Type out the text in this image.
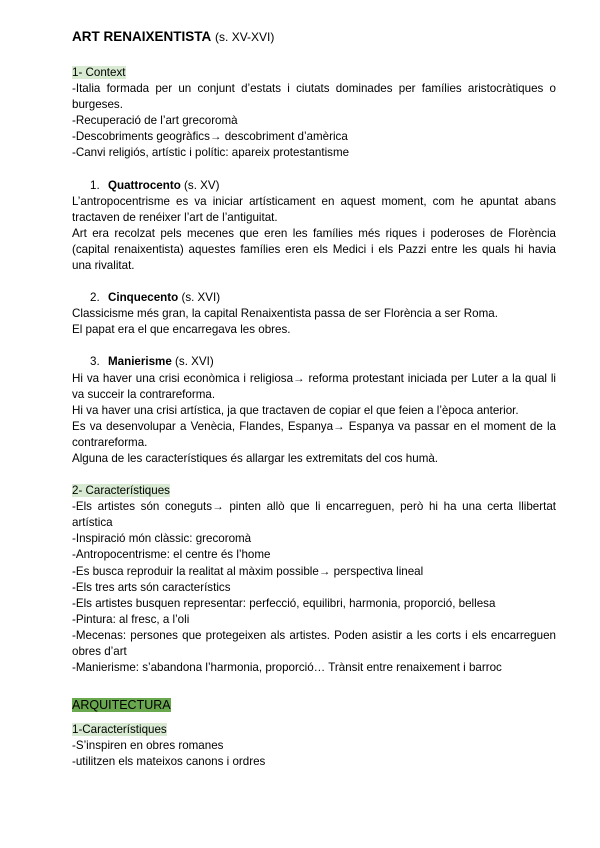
ART RENAIXENTISTA (s. XV-XVI)
1- Context

-Italia formada per un conjunt d’estats i ciutats dominades per famílies aristocràtiques o burgeses.

-Recuperació de l’art grecoromà

-Descobriments geogràfics→ descobriment d’amèrica

-Canvi religiós, artístic i polític: apareix protestantisme

1. Quattrocento (s. XV)

L’antropocentrisme es va iniciar artísticament en aquest moment, com he apuntat abans tractaven de renéixer l’art de l’antiguitat.

Art era recolzat pels mecenes que eren les famílies més riques i poderoses de Florència (capital renaixentista) aquestes famílies eren els Medici i els Pazzi entre les quals hi havia una rivalitat.

2. Cinquecento (s. XVI)

Classicisme més gran, la capital Renaixentista passa de ser Florència a ser Roma.

El papat era el que encarregava les obres.

3. Manierisme (s. XVI)

Hi va haver una crisi econòmica i religiosa→ reforma protestant iniciada per Luter a la qual li va succeir la contrareforma.

Hi va haver una crisi artística, ja que tractaven de copiar el que feien a l’època anterior.

Es va desenvolupar a Venècia, Flandes, Espanya→ Espanya va passar en el moment de la contrareforma.

Alguna de les característiques és allargar les extremitats del cos humà.

2- Característiques

-Els artistes són coneguts→ pinten allò que li encarreguen, però hi ha una certa llibertat artística

-Inspiració món clàssic: grecoromà

-Antropocentrisme: el centre és l’home

-Es busca reproduir la realitat al màxim possible→ perspectiva lineal

-Els tres arts són característics

-Els artistes busquen representar: perfecció, equilibri, harmonia, proporció, bellesa

-Pintura: al fresc, a l’oli

-Mecenas: persones que protegeixen als artistes. Poden asistir a les corts i els encarreguen obres d’art

-Manierisme: s’abandona l’harmonia, proporció… Trànsit entre renaixement i barroc

ARQUITECTURA
1-Característiques

-S’inspiren en obres romanes

-utilitzen els mateixos canons i ordres
